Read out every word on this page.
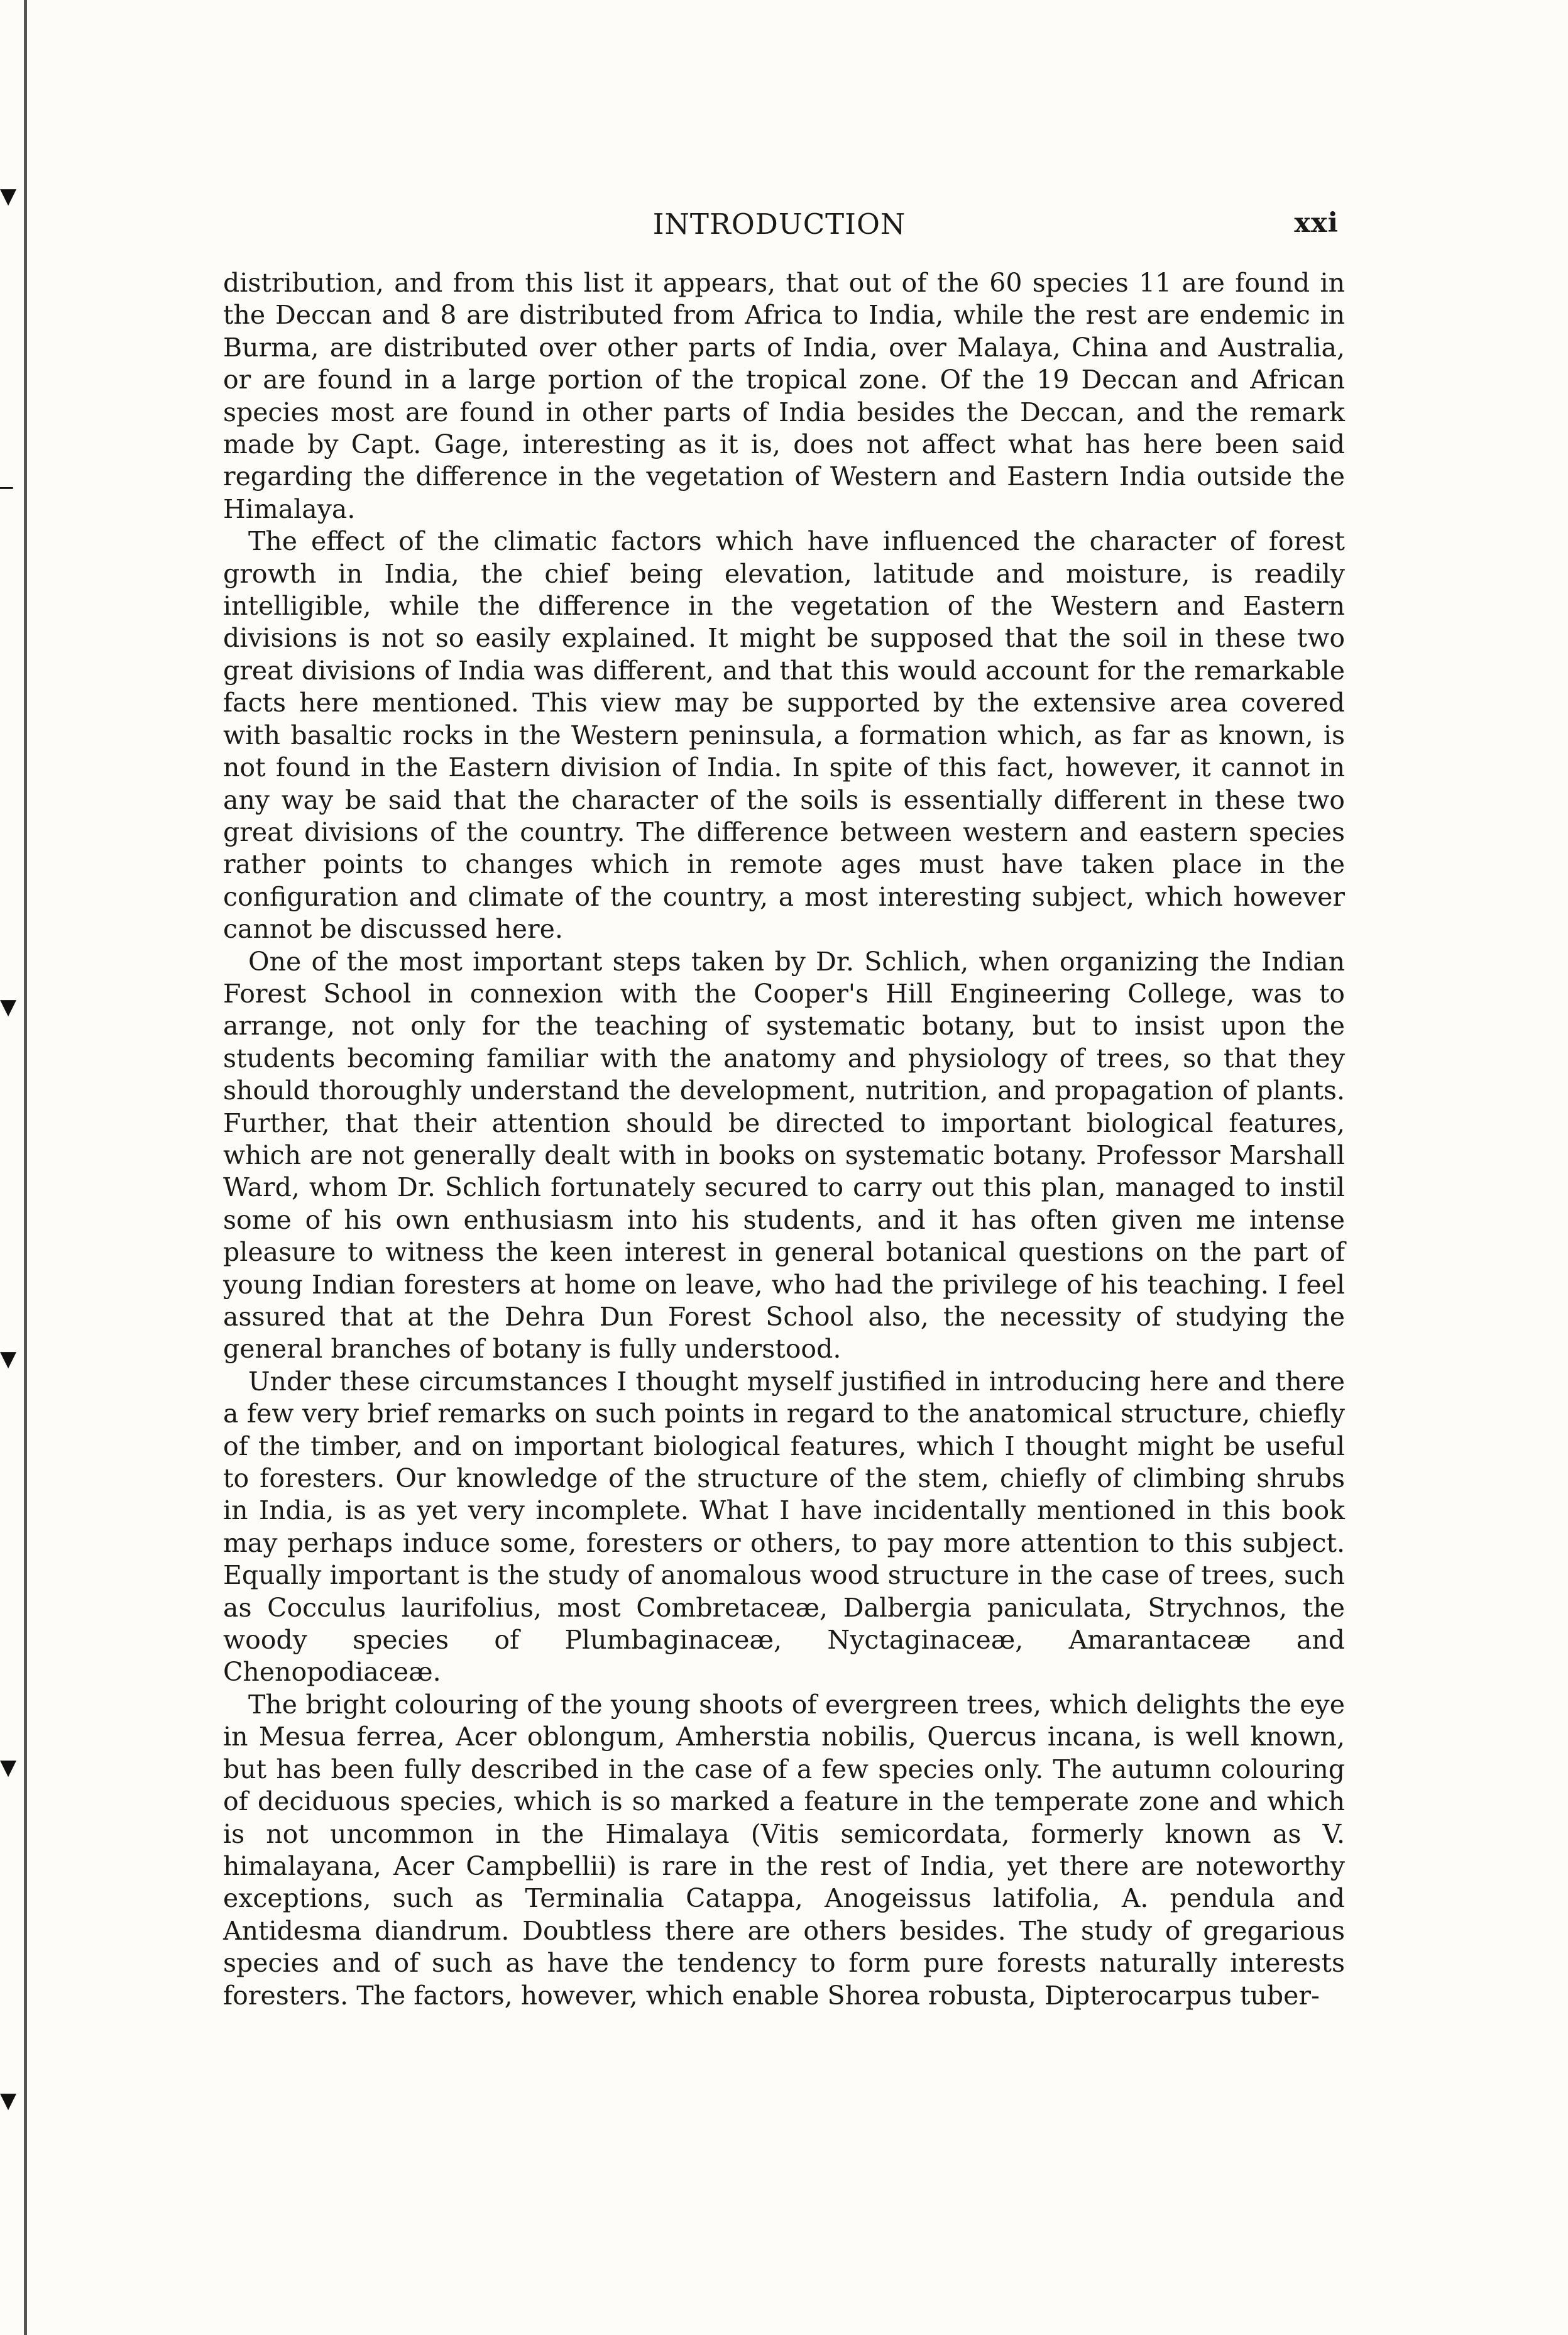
▼
─
▼
▼
▼
▼
INTRODUCTION	xxi

distribution, and from this list it appears, that out of the 60 species 11 are found in the Deccan and 8 are distributed from Africa to India, while the rest are endemic in Burma, are distributed over other parts of India, over Malaya, China and Australia, or are found in a large portion of the tropical zone. Of the 19 Deccan and African species most are found in other parts of India besides the Deccan, and the remark made by Capt. Gage, interesting as it is, does not affect what has here been said regarding the difference in the vegetation of Western and Eastern India outside the Himalaya.

The effect of the climatic factors which have influenced the character of forest growth in India, the chief being elevation, latitude and moisture, is readily intelligible, while the difference in the vegetation of the Western and Eastern divisions is not so easily explained. It might be supposed that the soil in these two great divisions of India was different, and that this would account for the remarkable facts here mentioned. This view may be supported by the extensive area covered with basaltic rocks in the Western peninsula, a formation which, as far as known, is not found in the Eastern division of India. In spite of this fact, however, it cannot in any way be said that the character of the soils is essentially different in these two great divisions of the country. The difference between western and eastern species rather points to changes which in remote ages must have taken place in the configuration and climate of the country, a most interesting subject, which however cannot be discussed here.

One of the most important steps taken by Dr. Schlich, when organizing the Indian Forest School in connexion with the Cooper's Hill Engineering College, was to arrange, not only for the teaching of systematic botany, but to insist upon the students becoming familiar with the anatomy and physiology of trees, so that they should thoroughly understand the development, nutrition, and propagation of plants. Further, that their attention should be directed to important biological features, which are not generally dealt with in books on systematic botany. Professor Marshall Ward, whom Dr. Schlich fortunately secured to carry out this plan, managed to instil some of his own enthusiasm into his students, and it has often given me intense pleasure to witness the keen interest in general botanical questions on the part of young Indian foresters at home on leave, who had the privilege of his teaching. I feel assured that at the Dehra Dun Forest School also, the necessity of studying the general branches of botany is fully understood.

Under these circumstances I thought myself justified in introducing here and there a few very brief remarks on such points in regard to the anatomical structure, chiefly of the timber, and on important biological features, which I thought might be useful to foresters. Our knowledge of the structure of the stem, chiefly of climbing shrubs in India, is as yet very incomplete. What I have incidentally mentioned in this book may perhaps induce some, foresters or others, to pay more attention to this subject. Equally important is the study of anomalous wood structure in the case of trees, such as Cocculus laurifolius, most Combretaceæ, Dalbergia paniculata, Strychnos, the woody species of Plumbaginaceæ, Nyctaginaceæ, Amarantaceæ and Chenopodiaceæ.

The bright colouring of the young shoots of evergreen trees, which delights the eye in Mesua ferrea, Acer oblongum, Amherstia nobilis, Quercus incana, is well known, but has been fully described in the case of a few species only. The autumn colouring of deciduous species, which is so marked a feature in the temperate zone and which is not uncommon in the Himalaya (Vitis semicordata, formerly known as V. himalayana, Acer Campbellii) is rare in the rest of India, yet there are noteworthy exceptions, such as Terminalia Catappa, Anogeissus latifolia, A. pendula and Antidesma diandrum. Doubtless there are others besides. The study of gregarious species and of such as have the tendency to form pure forests naturally interests foresters. The factors, however, which enable Shorea robusta, Dipterocarpus tuber-
